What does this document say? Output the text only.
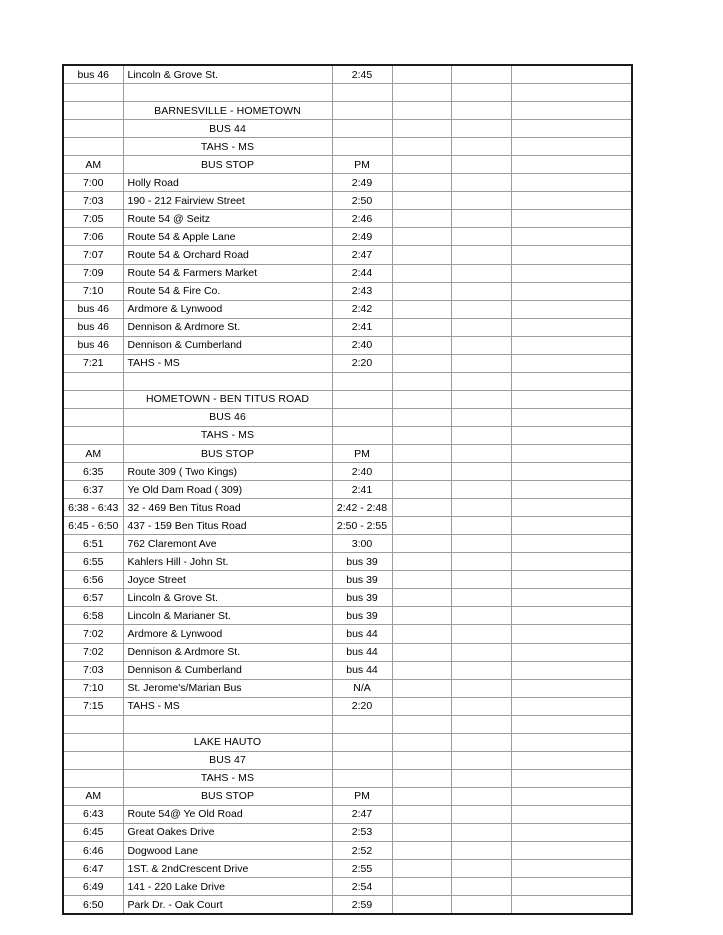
bus 46	Lincoln & Grove St.	2:45			

	BARNESVILLE - HOMETOWN				
	BUS 44				
	TAHS - MS				
AM	BUS STOP	PM			
7:00	Holly Road	2:49			
7:03	190 - 212 Fairview Street	2:50			
7:05	Route 54 @ Seitz	2:46			
7:06	Route 54 & Apple Lane	2:49			
7:07	Route 54 & Orchard Road	2:47			
7:09	Route 54 & Farmers Market	2:44			
7:10	Route 54 & Fire Co.	2:43			
bus 46	Ardmore & Lynwood	2:42			
bus 46	Dennison & Ardmore St.	2:41			
bus 46	Dennison & Cumberland	2:40			
7:21	TAHS - MS	2:20			

	HOMETOWN - BEN TITUS ROAD				
	BUS 46				
	TAHS - MS				
AM	BUS STOP	PM			
6:35	Route 309 ( Two Kings)	2:40			
6:37	Ye Old Dam Road ( 309)	2:41			
6:38 - 6:43	32 - 469 Ben Titus Road	2:42 - 2:48			
6:45 - 6:50	437 - 159 Ben Titus Road	2:50 - 2:55			
6:51	762 Claremont Ave	3:00			
6:55	Kahlers Hill - John St.	bus 39			
6:56	Joyce Street	bus 39			
6:57	Lincoln & Grove St.	bus 39			
6:58	Lincoln & Marianer St.	bus 39			
7:02	Ardmore & Lynwood	bus 44			
7:02	Dennison & Ardmore St.	bus 44			
7:03	Dennison & Cumberland	bus 44			
7:10	St. Jerome's/Marian Bus	N/A			
7:15	TAHS - MS	2:20			

	LAKE HAUTO				
	BUS 47				
	TAHS - MS				
AM	BUS STOP	PM			
6:43	Route 54@ Ye Old Road	2:47			
6:45	Great Oakes Drive	2:53			
6:46	Dogwood Lane	2:52			
6:47	1ST. & 2ndCrescent Drive	2:55			
6:49	141 - 220 Lake Drive	2:54			
6:50	Park Dr. - Oak Court	2:59			
